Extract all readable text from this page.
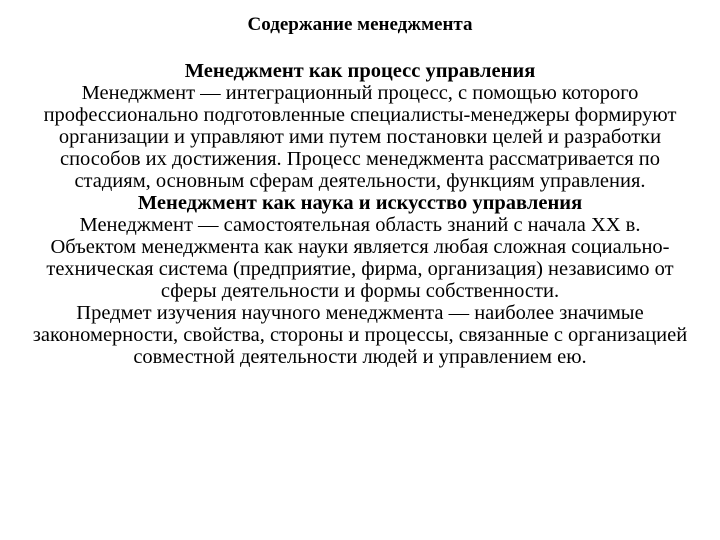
Содержание менеджмента

Менеджмент как процесс управления

Менеджмент — интеграционный процесс, с помощью которого профессионально подготовленные специалисты-менеджеры формируют организации и управляют ими путем постановки целей и разработки способов их достижения. Процесс менеджмента рассматривается по стадиям, основным сферам деятельности, функциям управления.

Менеджмент как наука и искусство управления

Менеджмент — самостоятельная область знаний с начала XX в.

Объектом менеджмента как науки является любая сложная социально-техническая система (предприятие, фирма, организация) независимо от сферы деятельности и формы собственности.

Предмет изучения научного менеджмента — наиболее значимые закономерности, свойства, стороны и процессы, связанные с организацией совместной деятельности людей и управлением ею.
